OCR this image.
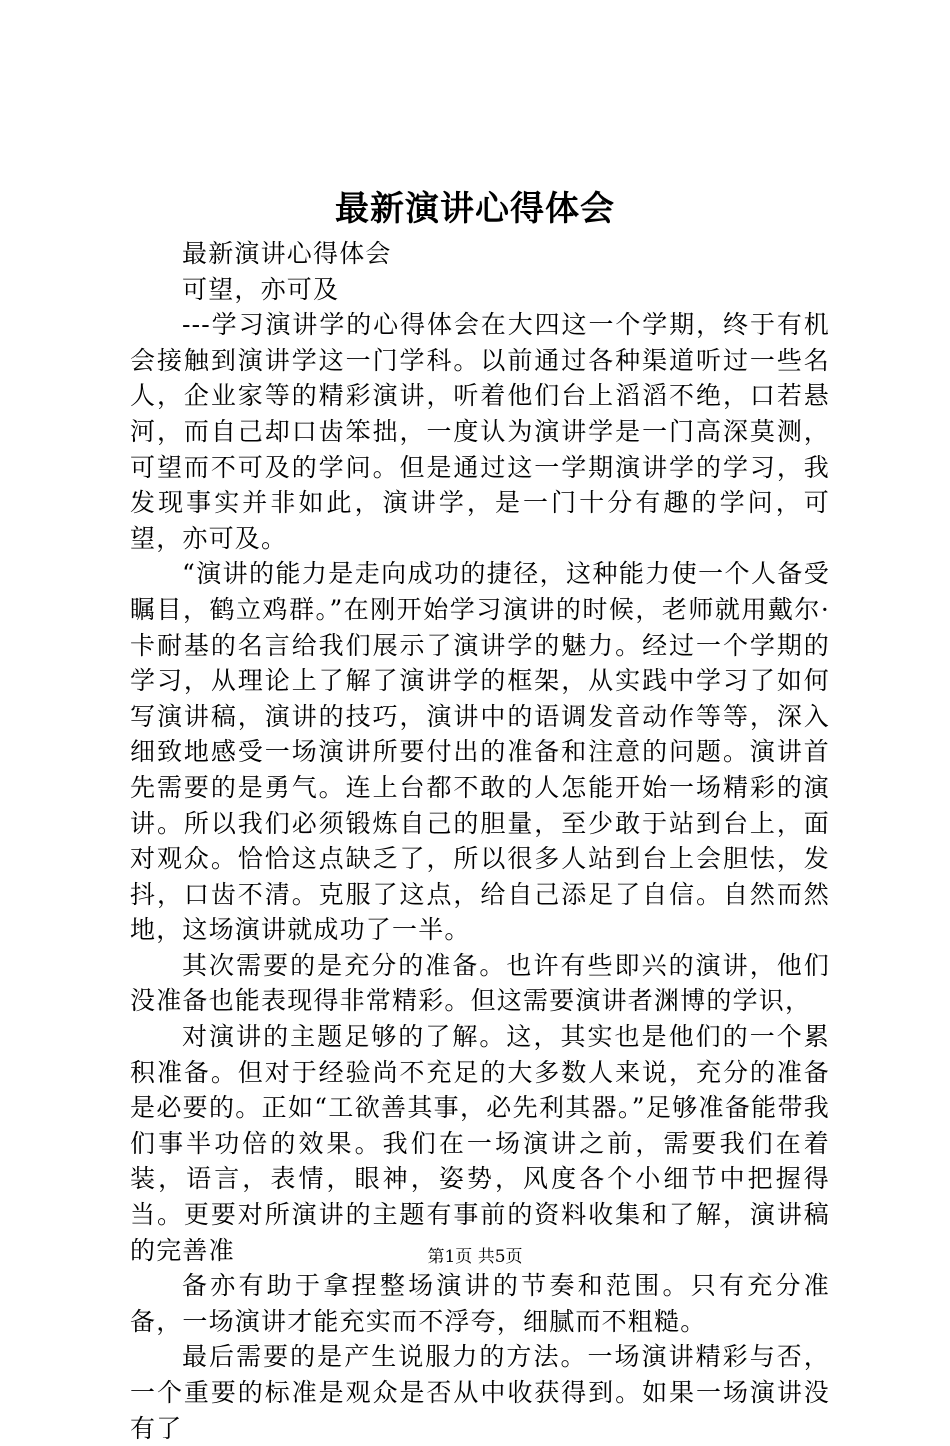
最新演讲心得体会

最新演讲心得体会

可望，亦可及

---学习演讲学的心得体会在大四这一个学期，终于有机会接触到演讲学这一门学科。以前通过各种渠道听过一些名人，企业家等的精彩演讲，听着他们台上滔滔不绝，口若悬河，而自己却口齿笨拙，一度认为演讲学是一门高深莫测，可望而不可及的学问。但是通过这一学期演讲学的学习，我发现事实并非如此，演讲学，是一门十分有趣的学问，可望，亦可及。

“演讲的能力是走向成功的捷径，这种能力使一个人备受瞩目，鹤立鸡群。”在刚开始学习演讲的时候，老师就用戴尔·卡耐基的名言给我们展示了演讲学的魅力。经过一个学期的学习，从理论上了解了演讲学的框架，从实践中学习了如何写演讲稿，演讲的技巧，演讲中的语调发音动作等等，深入细致地感受一场演讲所要付出的准备和注意的问题。演讲首先需要的是勇气。连上台都不敢的人怎能开始一场精彩的演讲。所以我们必须锻炼自己的胆量，至少敢于站到台上，面对观众。恰恰这点缺乏了，所以很多人站到台上会胆怯，发抖，口齿不清。克服了这点，给自己添足了自信。自然而然地，这场演讲就成功了一半。

其次需要的是充分的准备。也许有些即兴的演讲，他们没准备也能表现得非常精彩。但这需要演讲者渊博的学识，

对演讲的主题足够的了解。这，其实也是他们的一个累积准备。但对于经验尚不充足的大多数人来说，充分的准备是必要的。正如“工欲善其事，必先利其器。”足够准备能带我们事半功倍的效果。我们在一场演讲之前，需要我们在着装，语言，表情，眼神，姿势，风度各个小细节中把握得当。更要对所演讲的主题有事前的资料收集和了解，演讲稿的完善准

备亦有助于拿捏整场演讲的节奏和范围。只有充分准备，一场演讲才能充实而不浮夸，细腻而不粗糙。

最后需要的是产生说服力的方法。一场演讲精彩与否，一个重要的标准是观众是否从中收获得到。如果一场演讲没有了

第1页 共5页
